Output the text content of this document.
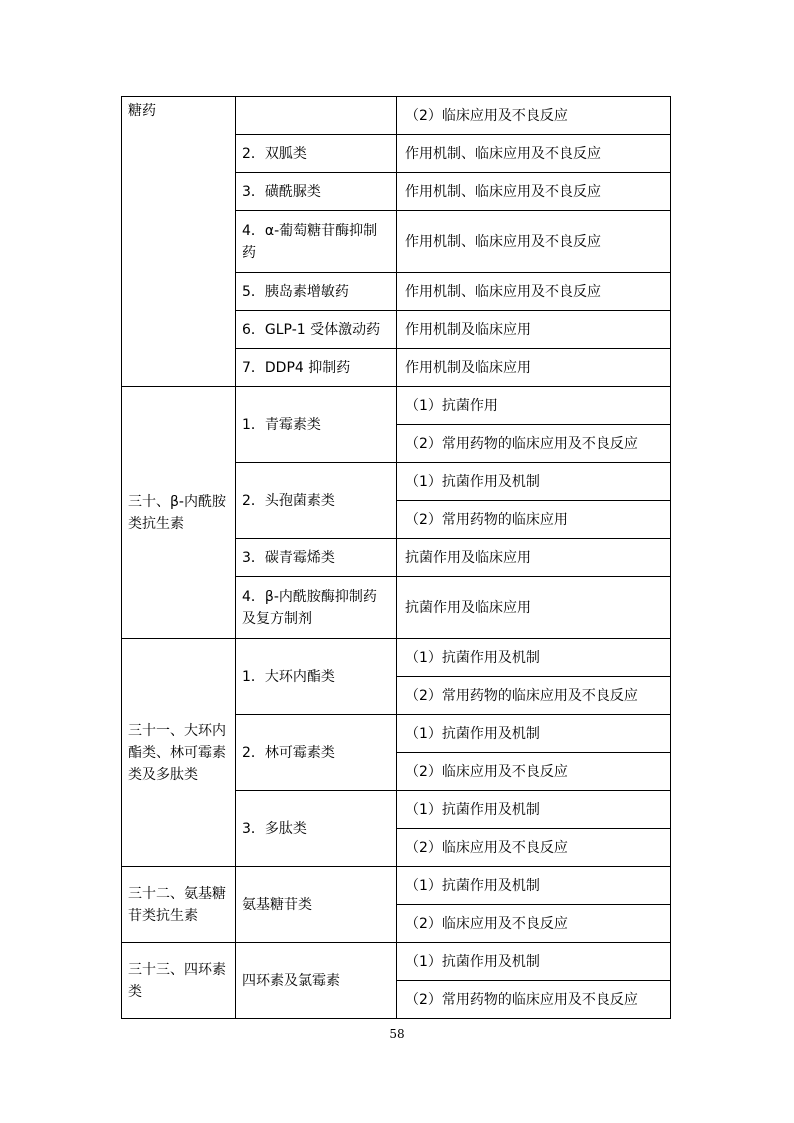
糖药		（2）临床应用及不良反应
	2．双胍类	作用机制、临床应用及不良反应
	3．磺酰脲类	作用机制、临床应用及不良反应
	4．α-葡萄糖苷酶抑制药	作用机制、临床应用及不良反应
	5．胰岛素增敏药	作用机制、临床应用及不良反应
	6．GLP-1 受体激动药	作用机制及临床应用
	7．DDP4 抑制药	作用机制及临床应用
三十、β-内酰胺类抗生素	1．青霉素类	（1）抗菌作用
		（2）常用药物的临床应用及不良反应
	2．头孢菌素类	（1）抗菌作用及机制
		（2）常用药物的临床应用
	3．碳青霉烯类	抗菌作用及临床应用
	4．β-内酰胺酶抑制药及复方制剂	抗菌作用及临床应用
三十一、大环内酯类、林可霉素类及多肽类	1．大环内酯类	（1）抗菌作用及机制
		（2）常用药物的临床应用及不良反应
	2．林可霉素类	（1）抗菌作用及机制
		（2）临床应用及不良反应
	3．多肽类	（1）抗菌作用及机制
		（2）临床应用及不良反应
三十二、氨基糖苷类抗生素	氨基糖苷类	（1）抗菌作用及机制
		（2）临床应用及不良反应
三十三、四环素类	四环素及氯霉素	（1）抗菌作用及机制
		（2）常用药物的临床应用及不良反应
58
